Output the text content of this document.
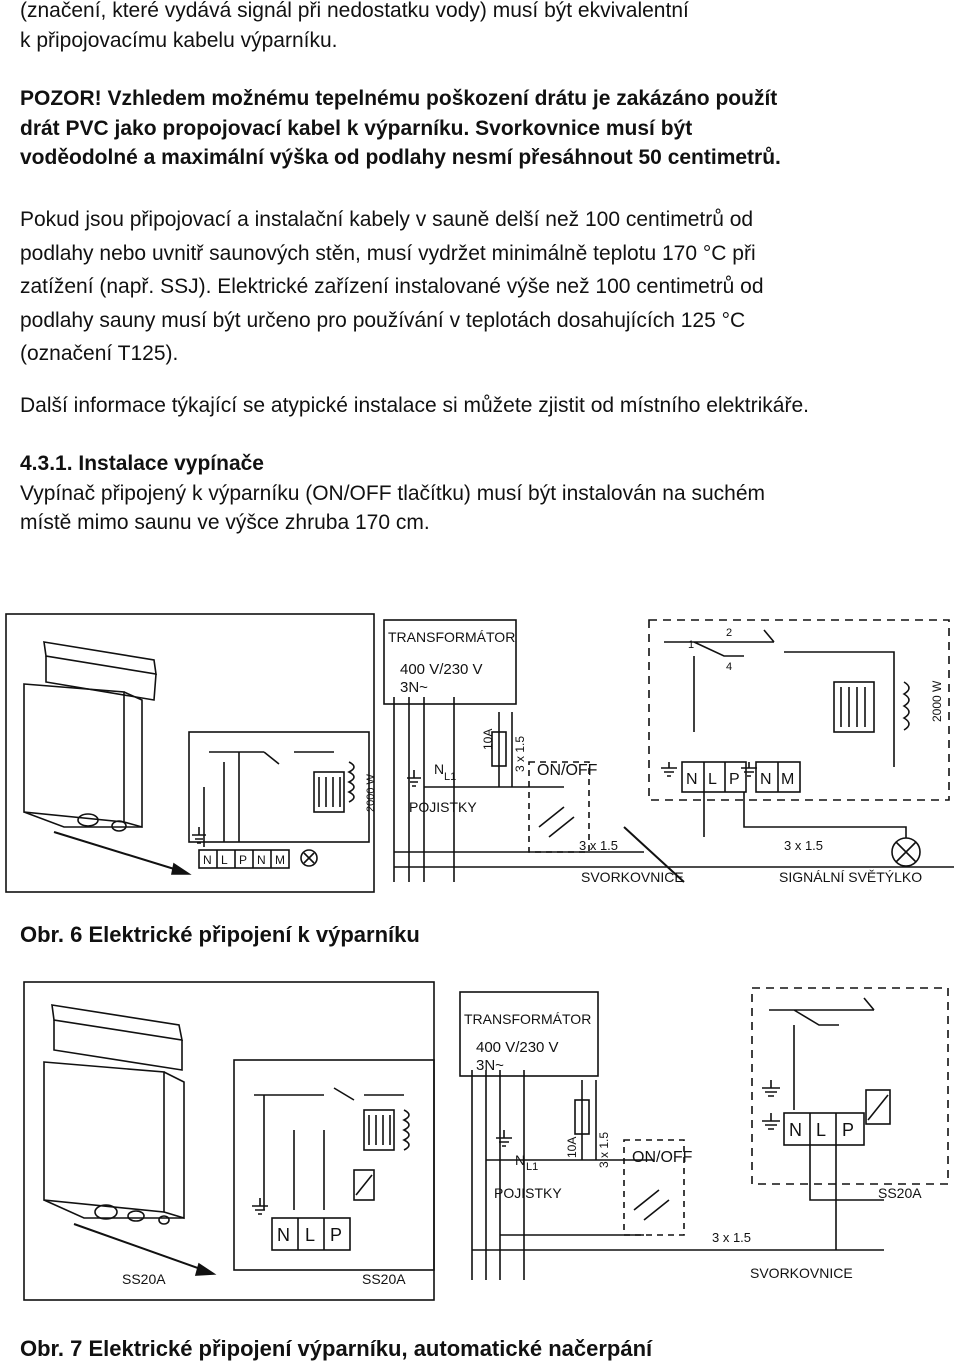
(značení, které vydává signál při nedostatku vody) musí být ekvivalentní
k připojovacímu kabelu výparníku.
POZOR! Vzhledem možnému tepelnému poškození drátu je zakázáno použít
drát PVC jako propojovací kabel k výparníku. Svorkovnice musí být
voděodolné a maximální výška od podlahy nesmí přesáhnout 50 centimetrů.
Pokud jsou připojovací a instalační kabely v sauně delší než 100 centimetrů od
podlahy nebo uvnitř saunových stěn, musí vydržet minimálně teplotu 170 °C při
zatížení (např. SSJ). Elektrické zařízení instalované výše než 100 centimetrů od
podlahy sauny musí být určeno pro používání v teplotách dosahujících 125 °C
(označení T125).
Další informace týkající se atypické instalace si můžete zjistit od místního elektrikáře.
4.3.1. Instalace vypínače
Vypínač připojený k výparníku (ON/OFF tlačítku) musí být instalován na suchém
místě mimo saunu ve výšce zhruba 170 cm.
TRANSFORMÁTOR
400 V/230 V
3N~
N L1
POJISTKY
ON/OFF
3 x 1.5	3 x 1.5
SVORKOVNICE	SIGNÁLNÍ SVĚTÝLKO
1
2
4
10A 3 x 1.5
2000 W
2000 W
N L P N M
N L P N M
Obr. 6 Elektrické připojení k výparníku
TRANSFORMÁTOR
400 V/230 V
3N~
N L1
POJISTKY
ON/OFF
3 x 1.5
SVORKOVNICE
SS20A	SS20A
SS20A
10A 3 x 1.5
N L P
N L P
Obr. 7 Elektrické připojení výparníku, automatické načerpání
